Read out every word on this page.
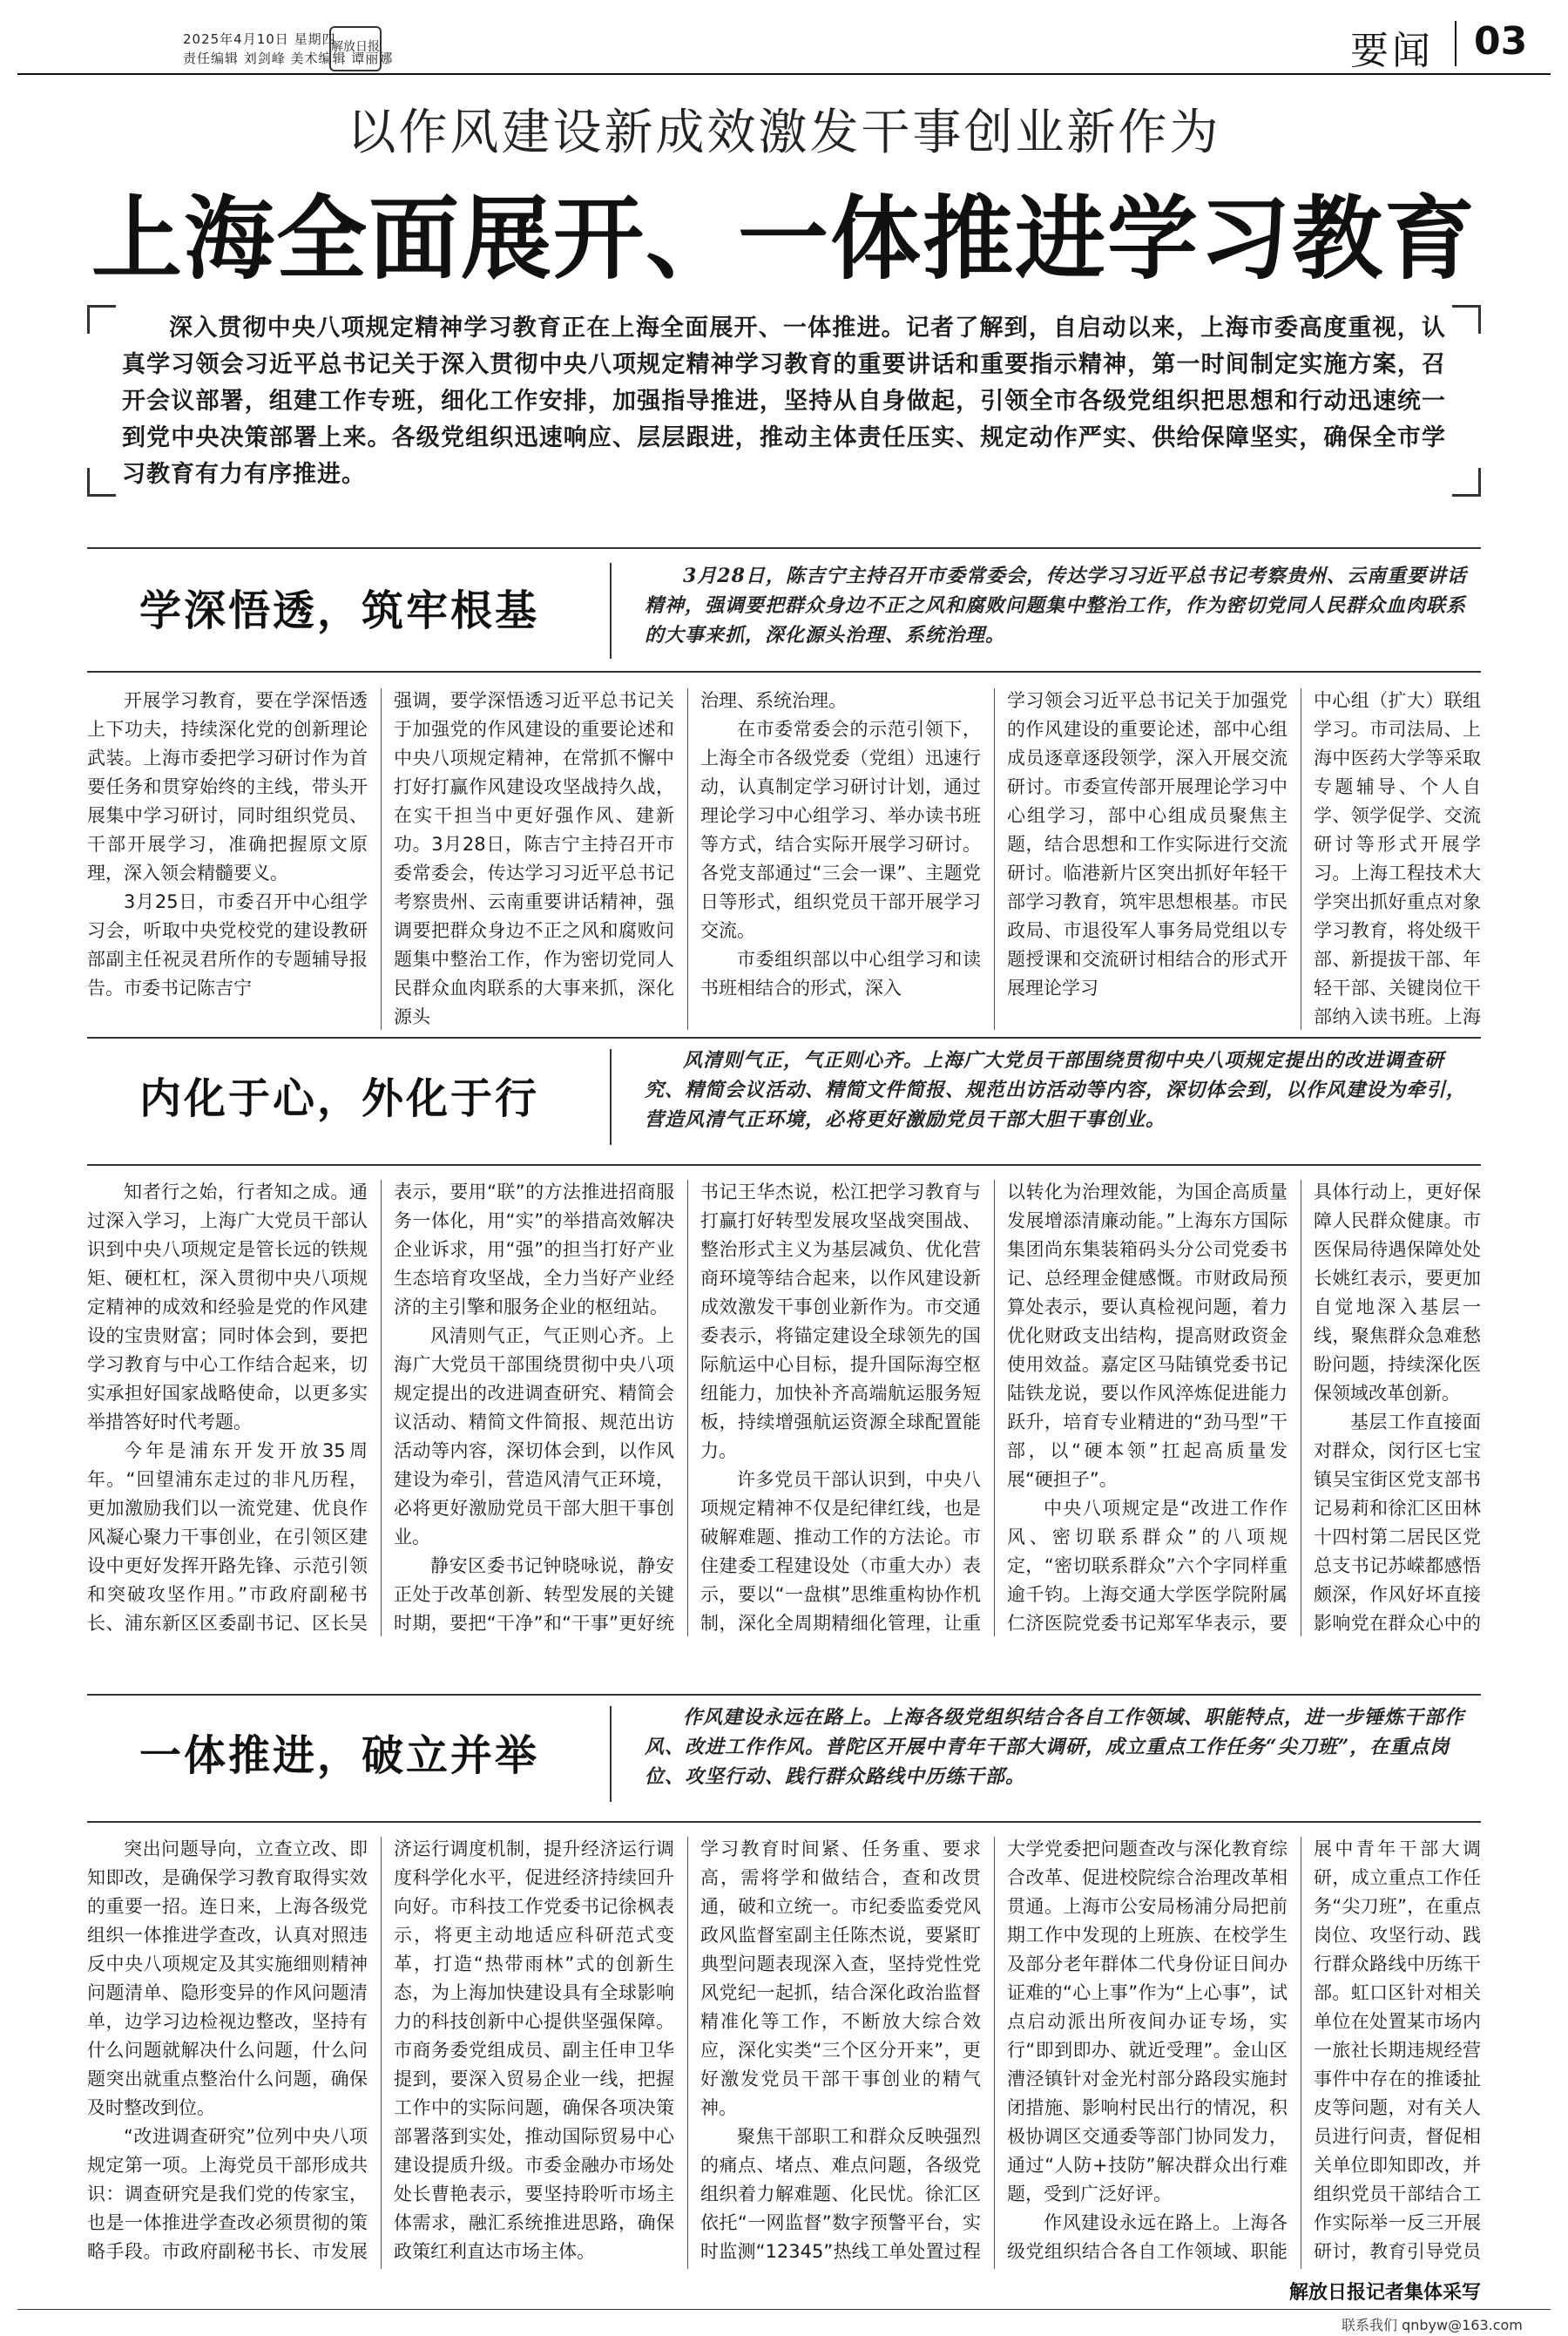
2025年4月10日 星期四
责任编辑 刘剑峰 美术编辑 谭丽娜
解放日报	要闻 03
以作风建设新成效激发干事创业新作为
上海全面展开、一体推进学习教育
深入贯彻中央八项规定精神学习教育正在上海全面展开、一体推进。记者了解到，自启动以来，上海市委高度重视，认真学习领会习近平总书记关于深入贯彻中央八项规定精神学习教育的重要讲话和重要指示精神，第一时间制定实施方案，召开会议部署，组建工作专班，细化工作安排，加强指导推进，坚持从自身做起，引领全市各级党组织把思想和行动迅速统一到党中央决策部署上来。各级党组织迅速响应、层层跟进，推动主体责任压实、规定动作严实、供给保障坚实，确保全市学习教育有力有序推进。
学深悟透，筑牢根基
3月28日，陈吉宁主持召开市委常委会，传达学习习近平总书记考察贵州、云南重要讲话精神，强调要把群众身边不正之风和腐败问题集中整治工作，作为密切党同人民群众血肉联系的大事来抓，深化源头治理、系统治理。

开展学习教育，要在学深悟透上下功夫，持续深化党的创新理论武装。上海市委把学习研讨作为首要任务和贯穿始终的主线，带头开展集中学习研讨，同时组织党员、干部开展学习，准确把握原文原理，深入领会精髓要义。

3月25日，市委召开中心组学习会，听取中央党校党的建设教研部副主任祝灵君所作的专题辅导报告。市委书记陈吉宁

强调，要学深悟透习近平总书记关于加强党的作风建设的重要论述和中央八项规定精神，在常抓不懈中打好打赢作风建设攻坚战持久战，在实干担当中更好强作风、建新功。3月28日，陈吉宁主持召开市委常委会，传达学习习近平总书记考察贵州、云南重要讲话精神，强调要把群众身边不正之风和腐败问题集中整治工作，作为密切党同人民群众血肉联系的大事来抓，深化源头

治理、系统治理。

在市委常委会的示范引领下，上海全市各级党委（党组）迅速行动，认真制定学习研讨计划，通过理论学习中心组学习、举办读书班等方式，结合实际开展学习研讨。各党支部通过“三会一课”、主题党日等形式，组织党员干部开展学习交流。

市委组织部以中心组学习和读书班相结合的形式，深入

学习领会习近平总书记关于加强党的作风建设的重要论述，部中心组成员逐章逐段领学，深入开展交流研讨。市委宣传部开展理论学习中心组学习，部中心组成员聚焦主题，结合思想和工作实际进行交流研讨。临港新片区突出抓好年轻干部学习教育，筑牢思想根基。市民政局、市退役军人事务局党组以专题授课和交流研讨相结合的形式开展理论学习

中心组（扩大）联组学习。市司法局、上海中医药大学等采取专题辅导、个人自学、领学促学、交流研讨等形式开展学习。上海工程技术大学突出抓好重点对象学习教育，将处级干部、新提拔干部、年轻干部、关键岗位干部纳入读书班。上海

内化于心，外化于行
风清则气正，气正则心齐。上海广大党员干部围绕贯彻中央八项规定提出的改进调查研究、精简会议活动、精简文件简报、规范出访活动等内容，深切体会到，以作风建设为牵引，营造风清气正环境，必将更好激励党员干部大胆干事创业。

知者行之始，行者知之成。通过深入学习，上海广大党员干部认识到中央八项规定是管长远的铁规矩、硬杠杠，深入贯彻中央八项规定精神的成效和经验是党的作风建设的宝贵财富；同时体会到，要把学习教育与中心工作结合起来，切实承担好国家战略使命，以更多实举措答好时代考题。

今年是浦东开发开放35周年。“回望浦东走过的非凡历程，更加激励我们以一流党建、优良作风凝心聚力干事创业，在引领区建设中更好发挥开路先锋、示范引领和突破攻坚作用。”市政府副秘书长、浦东新区区委副书记、区长吴

表示，要用“联”的方法推进招商服务一体化，用“实”的举措高效解决企业诉求，用“强”的担当打好产业生态培育攻坚战，全力当好产业经济的主引擎和服务企业的枢纽站。

风清则气正，气正则心齐。上海广大党员干部围绕贯彻中央八项规定提出的改进调查研究、精简会议活动、精简文件简报、规范出访活动等内容，深切体会到，以作风建设为牵引，营造风清气正环境，必将更好激励党员干部大胆干事创业。

静安区委书记钟晓咏说，静安正处于改革创新、转型发展的关键时期，要把“干净”和“干事”更好统

书记王华杰说，松江把学习教育与打赢打好转型发展攻坚战突围战、整治形式主义为基层减负、优化营商环境等结合起来，以作风建设新成效激发干事创业新作为。市交通委表示，将锚定建设全球领先的国际航运中心目标，提升国际海空枢纽能力，加快补齐高端航运服务短板，持续增强航运资源全球配置能力。

许多党员干部认识到，中央八项规定精神不仅是纪律红线，也是破解难题、推动工作的方法论。市住建委工程建设处（市重大办）表示，要以“一盘棋”思维重构协作机制，深化全周期精细化管理，让重

以转化为治理效能，为国企高质量发展增添清廉动能。”上海东方国际集团尚东集装箱码头分公司党委书记、总经理金健感慨。市财政局预算处表示，要认真检视问题，着力优化财政支出结构，提高财政资金使用效益。嘉定区马陆镇党委书记陆铁龙说，要以作风淬炼促进能力跃升，培育专业精进的“劲马型”干部，以“硬本领”扛起高质量发展“硬担子”。

中央八项规定是“改进工作作风、密切联系群众”的八项规定，“密切联系群众”六个字同样重逾千钧。上海交通大学医学院附属仁济医院党委书记郑军华表示，要

具体行动上，更好保障人民群众健康。市医保局待遇保障处处长姚红表示，要更加自觉地深入基层一线，聚焦群众急难愁盼问题，持续深化医保领域改革创新。

基层工作直接面对群众，闵行区七宝镇吴宝街区党支部书记易莉和徐汇区田林十四村第二居民区党总支书记苏嵘都感悟颇深，作风好坏直接影响党在群众心中的

一体推进，破立并举
作风建设永远在路上。上海各级党组织结合各自工作领域、职能特点，进一步锤炼干部作风、改进工作作风。普陀区开展中青年干部大调研，成立重点工作任务“尖刀班”，在重点岗位、攻坚行动、践行群众路线中历练干部。

突出问题导向，立查立改、即知即改，是确保学习教育取得实效的重要一招。连日来，上海各级党组织一体推进学查改，认真对照违反中央八项规定及其实施细则精神问题清单、隐形变异的作风问题清单，边学习边检视边整改，坚持有什么问题就解决什么问题，什么问题突出就重点整治什么问题，确保及时整改到位。

“改进调查研究”位列中央八项规定第一项。上海党员干部形成共识：调查研究是我们党的传家宝，也是一体推进学查改必须贯彻的策略手段。市政府副秘书长、市发展

济运行调度机制，提升经济运行调度科学化水平，促进经济持续回升向好。市科技工作党委书记徐枫表示，将更主动地适应科研范式变革，打造“热带雨林”式的创新生态，为上海加快建设具有全球影响力的科技创新中心提供坚强保障。市商务委党组成员、副主任申卫华提到，要深入贸易企业一线，把握工作中的实际问题，确保各项决策部署落到实处，推动国际贸易中心建设提质升级。市委金融办市场处处长曹艳表示，要坚持聆听市场主体需求，融汇系统推进思路，确保政策红利直达市场主体。

学习教育时间紧、任务重、要求高，需将学和做结合，查和改贯通，破和立统一。市纪委监委党风政风监督室副主任陈杰说，要紧盯典型问题表现深入查，坚持党性党风党纪一起抓，结合深化政治监督精准化等工作，不断放大综合效应，深化实类“三个区分开来”，更好激发党员干部干事创业的精气神。

聚焦干部职工和群众反映强烈的痛点、堵点、难点问题，各级党组织着力解难题、化民忧。徐汇区依托“一网监督”数字预警平台，实时监测“12345”热线工单处置过程

大学党委把问题查改与深化教育综合改革、促进校院综合治理改革相贯通。上海市公安局杨浦分局把前期工作中发现的上班族、在校学生及部分老年群体二代身份证日间办证难的“心上事”作为“上心事”，试点启动派出所夜间办证专场，实行“即到即办、就近受理”。金山区漕泾镇针对金光村部分路段实施封闭措施、影响村民出行的情况，积极协调区交通委等部门协同发力，通过“人防+技防”解决群众出行难题，受到广泛好评。

作风建设永远在路上。上海各级党组织结合各自工作领域、职能

展中青年干部大调研，成立重点工作任务“尖刀班”，在重点岗位、攻坚行动、践行群众路线中历练干部。虹口区针对相关单位在处置某市场内一旅社长期违规经营事件中存在的推诿扯皮等问题，对有关人员进行问责，督促相关单位即知即改，并组织党员干部结合工作实际举一反三开展研讨，教育引导党员

解放日报记者集体采写
联系我们 qnbyw@163.com
